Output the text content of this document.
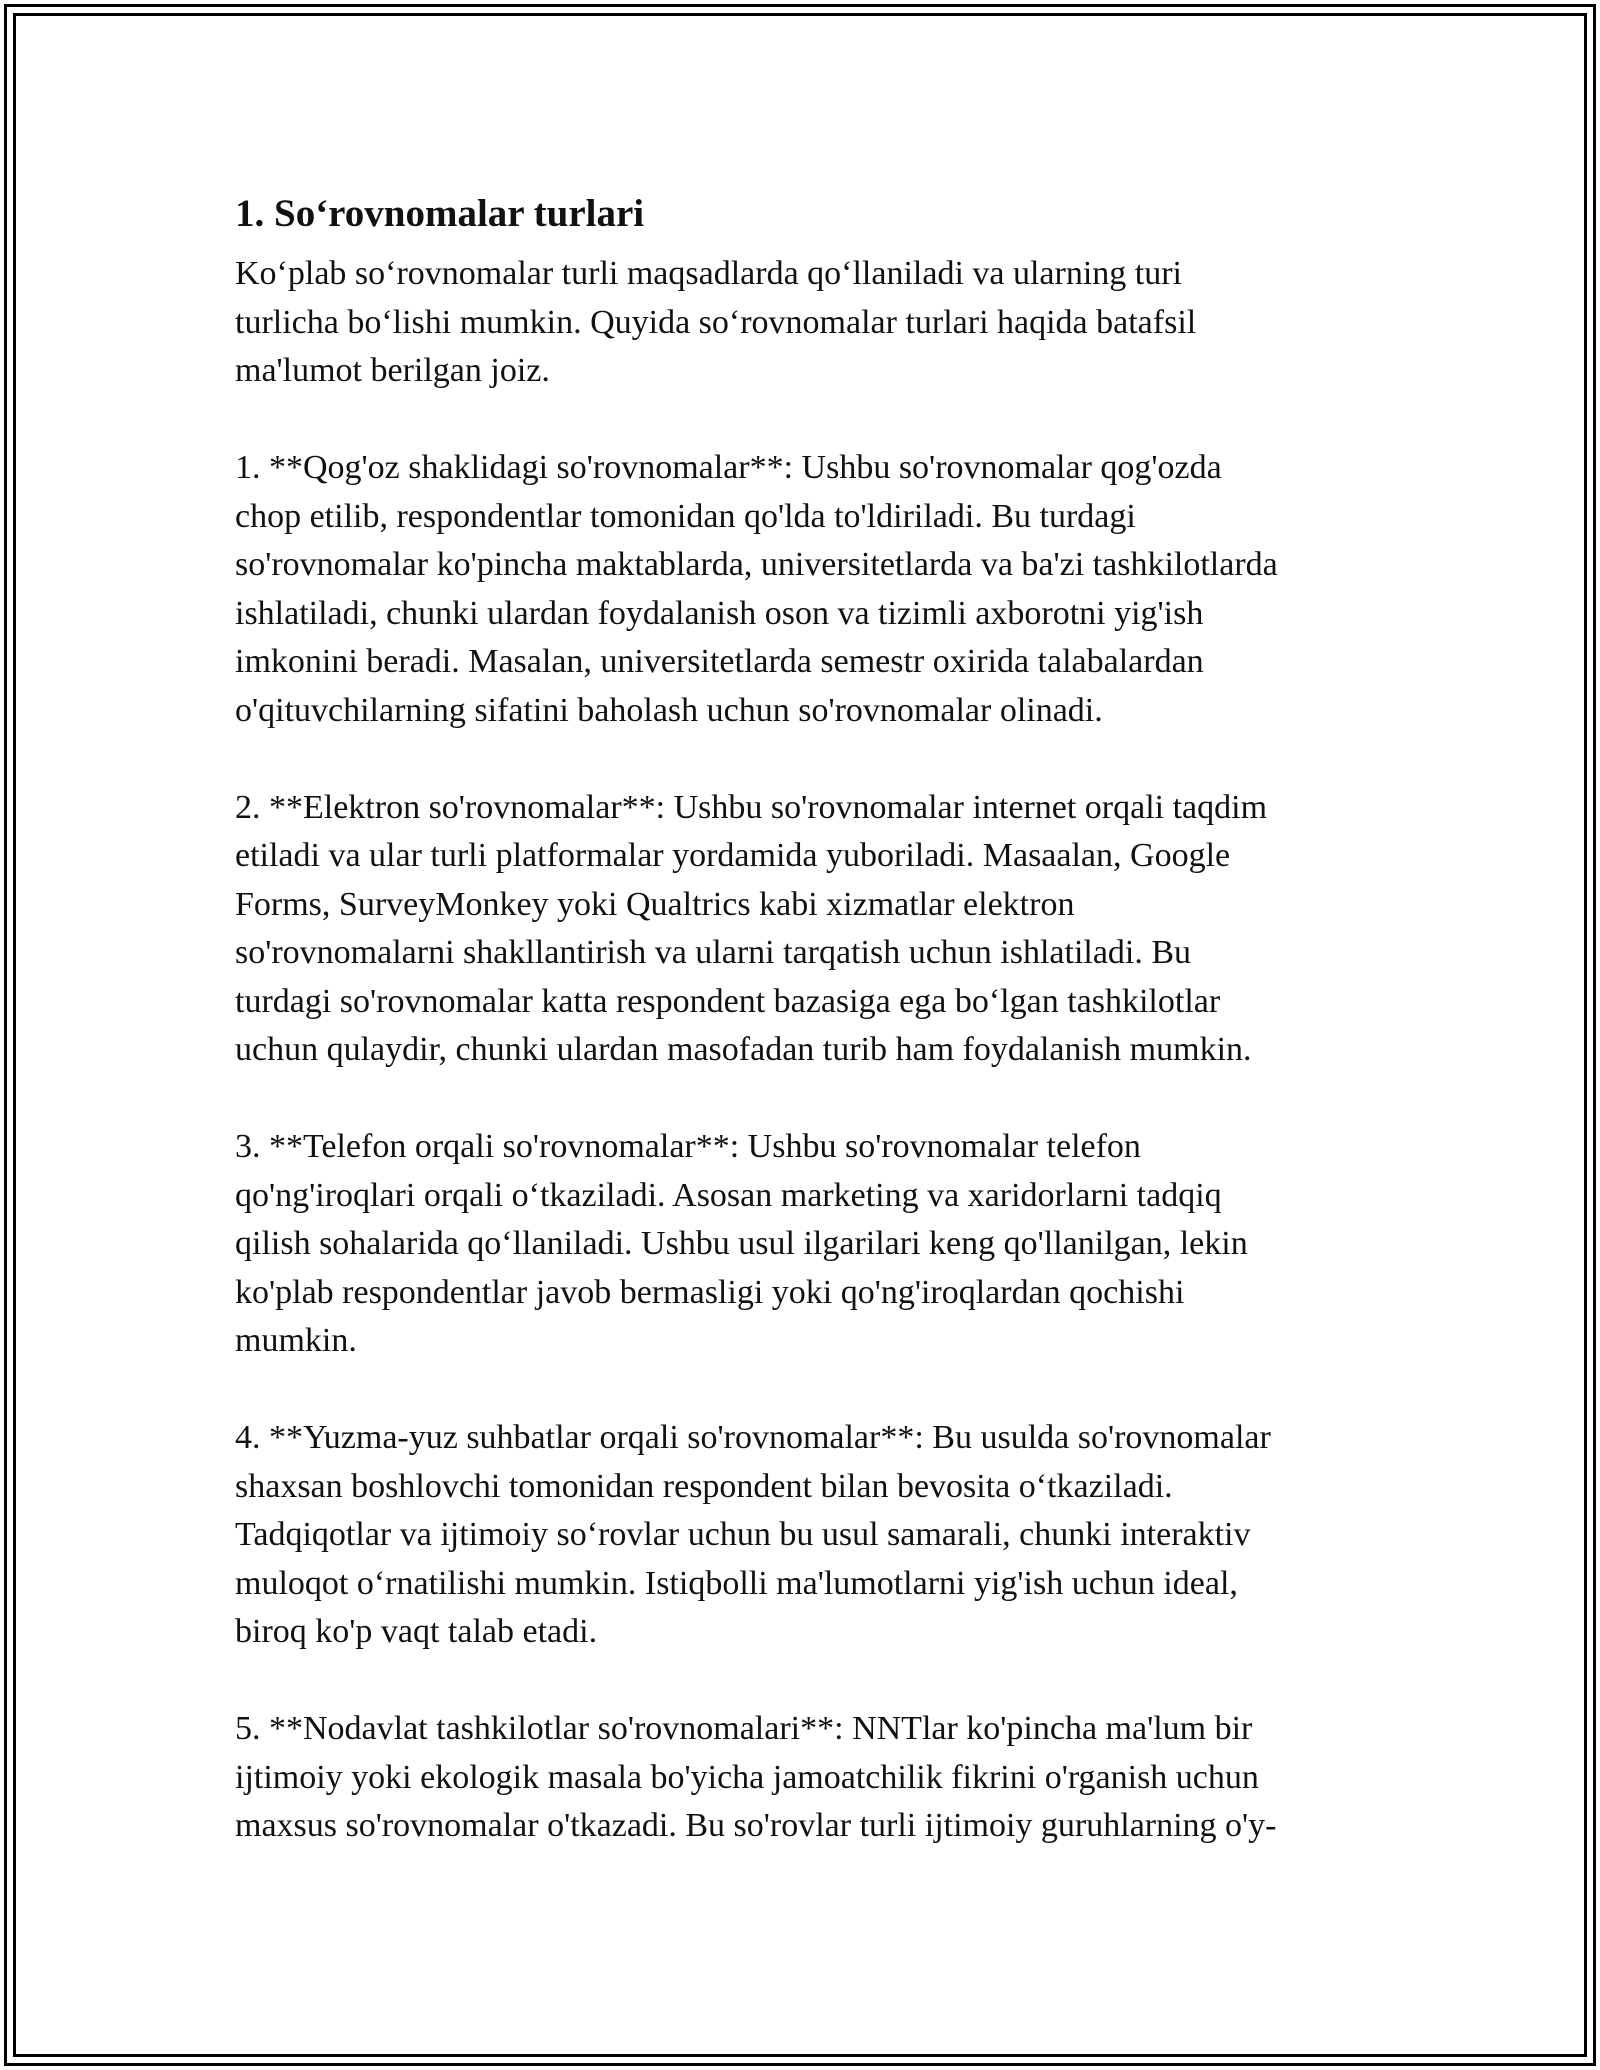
1. So‘rovnomalar turlari
Ko‘plab so‘rovnomalar turli maqsadlarda qo‘llaniladi va ularning turi
turlicha bo‘lishi mumkin. Quyida so‘rovnomalar turlari haqida batafsil
ma'lumot berilgan joiz.
1. **Qog'oz shaklidagi so'rovnomalar**: Ushbu so'rovnomalar qog'ozda
chop etilib, respondentlar tomonidan qo'lda to'ldiriladi. Bu turdagi
so'rovnomalar ko'pincha maktablarda, universitetlarda va ba'zi tashkilotlarda
ishlatiladi, chunki ulardan foydalanish oson va tizimli axborotni yig'ish
imkonini beradi. Masalan, universitetlarda semestr oxirida talabalardan
o'qituvchilarning sifatini baholash uchun so'rovnomalar olinadi.
2. **Elektron so'rovnomalar**: Ushbu so'rovnomalar internet orqali taqdim
etiladi va ular turli platformalar yordamida yuboriladi. Masaalan, Google
Forms, SurveyMonkey yoki Qualtrics kabi xizmatlar elektron
so'rovnomalarni shakllantirish va ularni tarqatish uchun ishlatiladi. Bu
turdagi so'rovnomalar katta respondent bazasiga ega bo‘lgan tashkilotlar
uchun qulaydir, chunki ulardan masofadan turib ham foydalanish mumkin.
3. **Telefon orqali so'rovnomalar**: Ushbu so'rovnomalar telefon
qo'ng'iroqlari orqali o‘tkaziladi. Asosan marketing va xaridorlarni tadqiq
qilish sohalarida qo‘llaniladi. Ushbu usul ilgarilari keng qo'llanilgan, lekin
ko'plab respondentlar javob bermasligi yoki qo'ng'iroqlardan qochishi
mumkin.
4. **Yuzma-yuz suhbatlar orqali so'rovnomalar**: Bu usulda so'rovnomalar
shaxsan boshlovchi tomonidan respondent bilan bevosita o‘tkaziladi.
Tadqiqotlar va ijtimoiy so‘rovlar uchun bu usul samarali, chunki interaktiv
muloqot o‘rnatilishi mumkin. Istiqbolli ma'lumotlarni yig'ish uchun ideal,
biroq ko'p vaqt talab etadi.
5. **Nodavlat tashkilotlar so'rovnomalari**: NNTlar ko'pincha ma'lum bir
ijtimoiy yoki ekologik masala bo'yicha jamoatchilik fikrini o'rganish uchun
maxsus so'rovnomalar o'tkazadi. Bu so'rovlar turli ijtimoiy guruhlarning o'y-
